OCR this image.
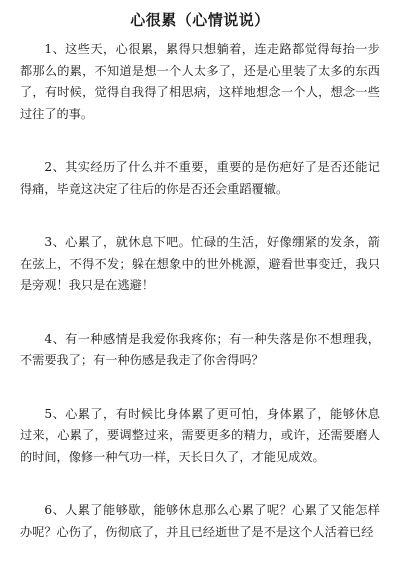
心很累（心情说说）

1、这些天，心很累，累得只想躺着，连走路都觉得每抬一步都那么的累，不知道是想一个人太多了，还是心里装了太多的东西了，有时候，觉得自我得了相思病，这样地想念一个人，想念一些过往了的事。

2、其实经历了什么并不重要，重要的是伤疤好了是否还能记得痛，毕竟这决定了往后的你是否还会重蹈覆辙。

3、心累了，就休息下吧。忙碌的生活，好像绷紧的发条，箭在弦上，不得不发；躲在想象中的世外桃源，避看世事变迁，我只是旁观！我只是在逃避！

4、有一种感情是我爱你我疼你；有一种失落是你不想理我，不需要我了；有一种伤感是我走了你舍得吗？

5、心累了，有时候比身体累了更可怕，身体累了，能够休息过来，心累了，要调整过来，需要更多的精力，或许，还需要磨人的时间，像修一种气功一样，天长日久了，才能见成效。

6、人累了能够歇，能够休息那么心累了呢？心累了又能怎样办呢？心伤了，伤彻底了，并且已经逝世了是不是这个人活着已经
